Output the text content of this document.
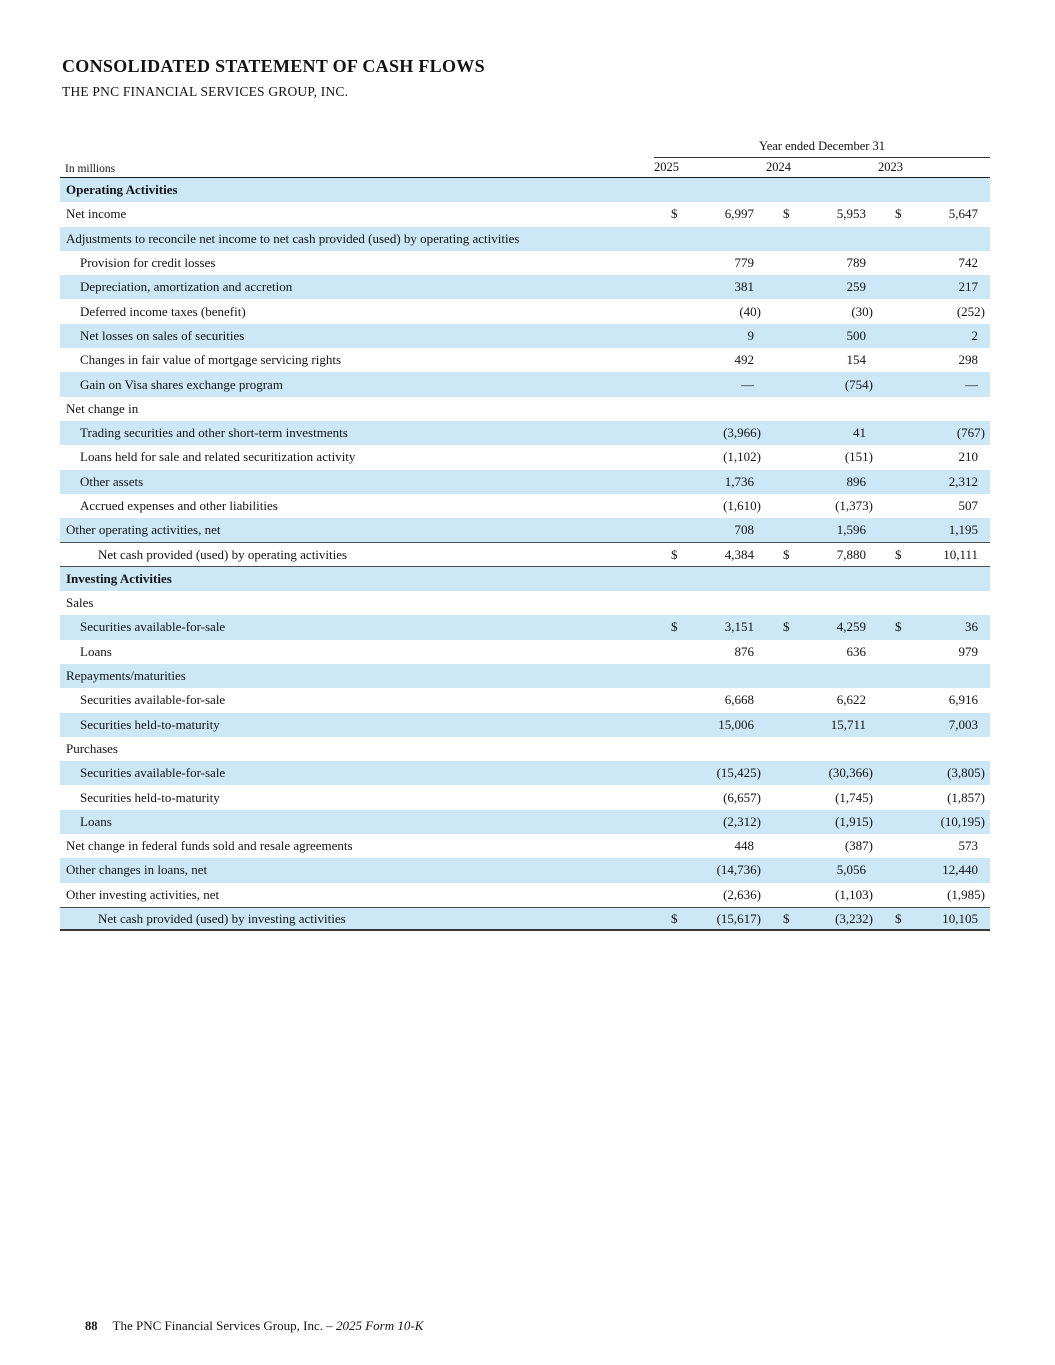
CONSOLIDATED STATEMENT OF CASH FLOWS
THE PNC FINANCIAL SERVICES GROUP, INC.
Year ended December 31
In millions	2025	2024	2023
Operating Activities
Net income	$	6,997	$	5,953	$	5,647
Adjustments to reconcile net income to net cash provided (used) by operating activities
Provision for credit losses	779	789	742
Depreciation, amortization and accretion	381	259	217
Deferred income taxes (benefit)	(40)	(30)	(252)
Net losses on sales of securities	9	500	2
Changes in fair value of mortgage servicing rights	492	154	298
Gain on Visa shares exchange program	—	(754)	—
Net change in
Trading securities and other short-term investments	(3,966)	41	(767)
Loans held for sale and related securitization activity	(1,102)	(151)	210
Other assets	1,736	896	2,312
Accrued expenses and other liabilities	(1,610)	(1,373)	507
Other operating activities, net	708	1,596	1,195
Net cash provided (used) by operating activities	$	4,384	$	7,880	$	10,111
Investing Activities
Sales
Securities available-for-sale	$	3,151	$	4,259	$	36
Loans	876	636	979
Repayments/maturities
Securities available-for-sale	6,668	6,622	6,916
Securities held-to-maturity	15,006	15,711	7,003
Purchases
Securities available-for-sale	(15,425)	(30,366)	(3,805)
Securities held-to-maturity	(6,657)	(1,745)	(1,857)
Loans	(2,312)	(1,915)	(10,195)
Net change in federal funds sold and resale agreements	448	(387)	573
Other changes in loans, net	(14,736)	5,056	12,440
Other investing activities, net	(2,636)	(1,103)	(1,985)
Net cash provided (used) by investing activities	$	(15,617)	$	(3,232)	$	10,105
88 The PNC Financial Services Group, Inc. – 2025 Form 10-K
